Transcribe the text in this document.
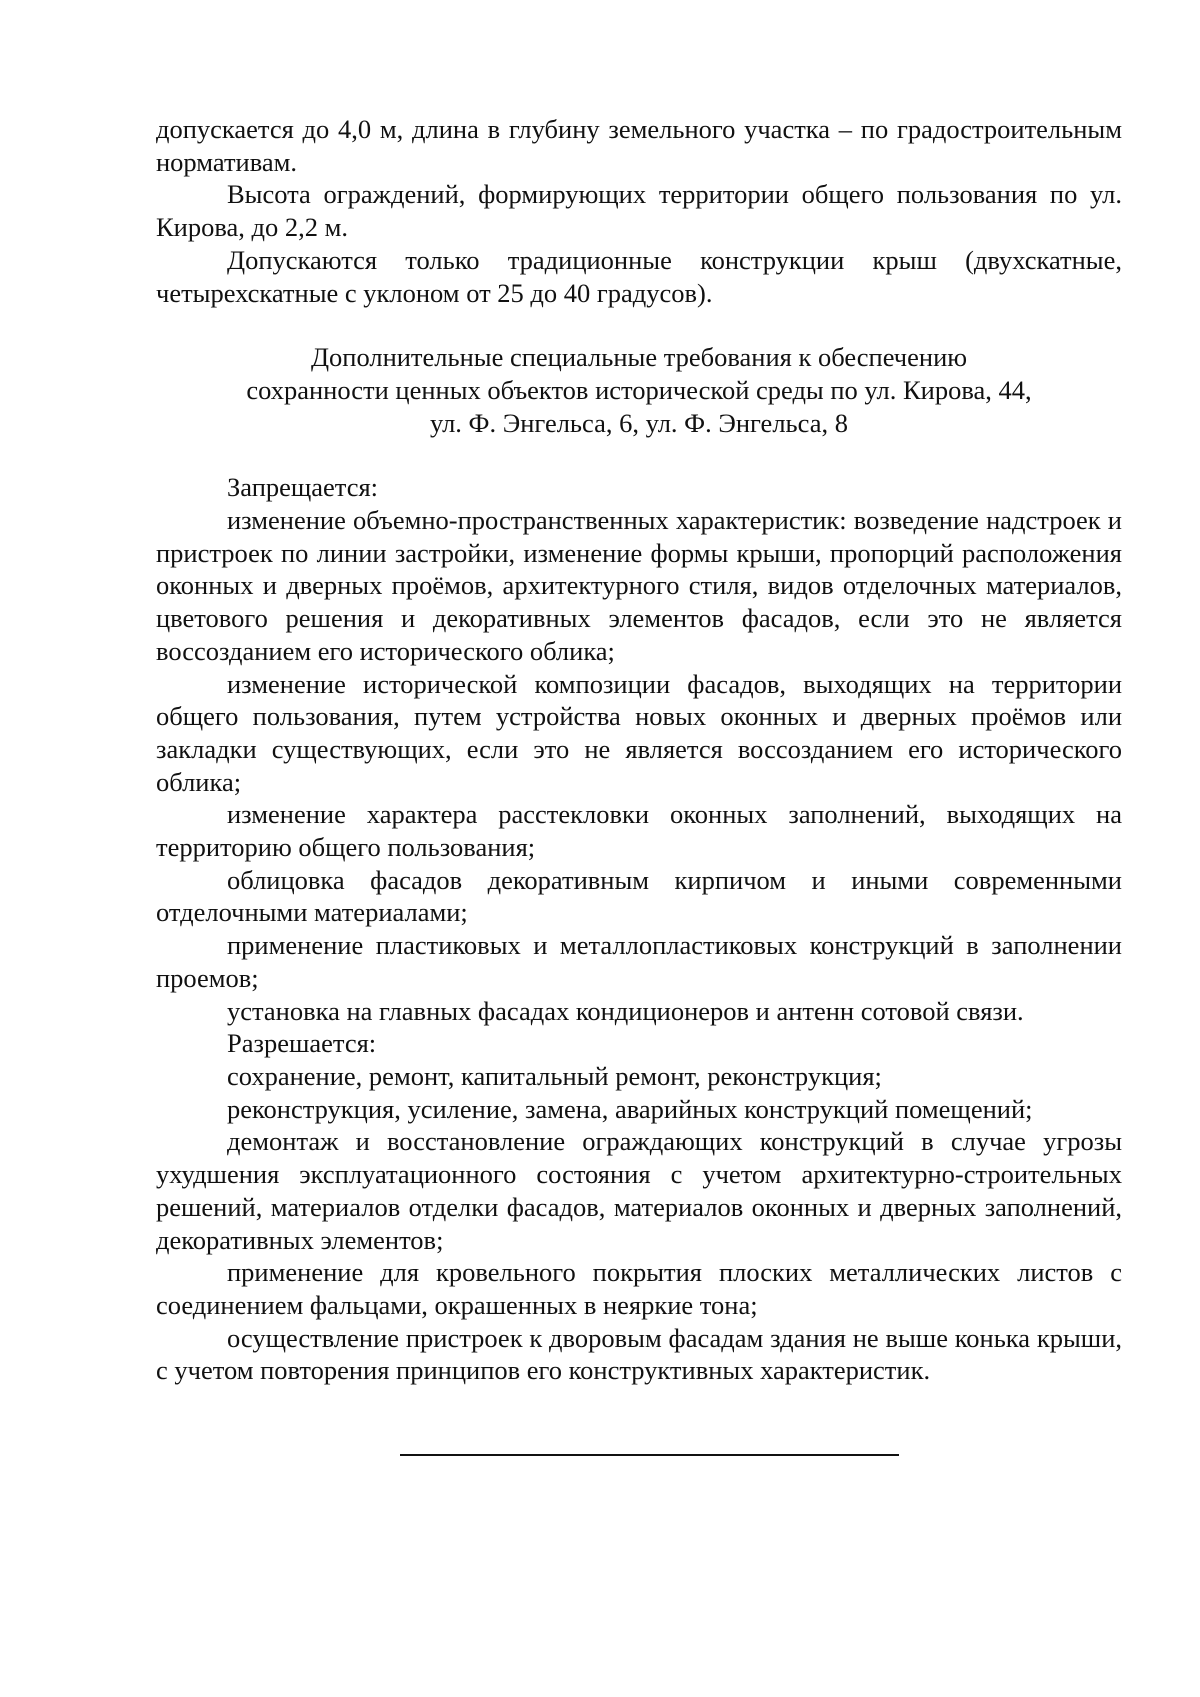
допускается до 4,0 м, длина в глубину земельного участка – по градостроительным нормативам.

Высота ограждений, формирующих территории общего пользования по ул. Кирова, до 2,2 м.

Допускаются только традиционные конструкции крыш (двухскатные, четырехскатные с уклоном от 25 до 40 градусов).

Дополнительные специальные требования к обеспечению
сохранности ценных объектов исторической среды по ул. Кирова, 44,
ул. Ф. Энгельса, 6, ул. Ф. Энгельса, 8

Запрещается:

изменение объемно-пространственных характеристик: возведение надстроек и пристроек по линии застройки, изменение формы крыши, пропорций расположения оконных и дверных проёмов, архитектурного стиля, видов отделочных материалов, цветового решения и декоративных элементов фасадов, если это не является воссозданием его исторического облика;

изменение исторической композиции фасадов, выходящих на территории общего пользования, путем устройства новых оконных и дверных проёмов или закладки существующих, если это не является воссозданием его исторического облика;

изменение характера расстекловки оконных заполнений, выходящих на территорию общего пользования;

облицовка фасадов декоративным кирпичом и иными современными отделочными материалами;

применение пластиковых и металлопластиковых конструкций в заполнении проемов;

установка на главных фасадах кондиционеров и антенн сотовой связи.

Разрешается:

сохранение, ремонт, капитальный ремонт, реконструкция;

реконструкция, усиление, замена, аварийных конструкций помещений;

демонтаж и восстановление ограждающих конструкций в случае угрозы ухудшения эксплуатационного состояния с учетом архитектурно-строительных решений, материалов отделки фасадов, материалов оконных и дверных заполнений, декоративных элементов;

применение для кровельного покрытия плоских металлических листов с соединением фальцами, окрашенных в неяркие тона;

осуществление пристроек к дворовым фасадам здания не выше конька крыши, с учетом повторения принципов его конструктивных характеристик.
